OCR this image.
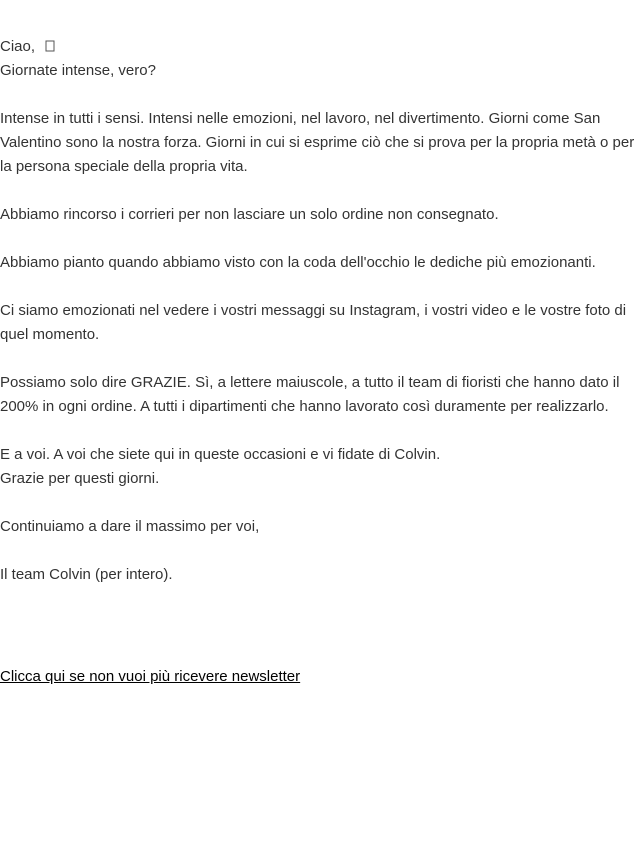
Ciao,

Giornate intense, vero?

Intense in tutti i sensi. Intensi nelle emozioni, nel lavoro, nel divertimento. Giorni come San Valentino sono la nostra forza. Giorni in cui si esprime ciò che si prova per la propria metà o per la persona speciale della propria vita.

Abbiamo rincorso i corrieri per non lasciare un solo ordine non consegnato.

Abbiamo pianto quando abbiamo visto con la coda dell'occhio le dediche più emozionanti.

Ci siamo emozionati nel vedere i vostri messaggi su Instagram, i vostri video e le vostre foto di quel momento.

Possiamo solo dire GRAZIE. Sì, a lettere maiuscole, a tutto il team di fioristi che hanno dato il 200% in ogni ordine. A tutti i dipartimenti che hanno lavorato così duramente per realizzarlo.

E a voi. A voi che siete qui in queste occasioni e vi fidate di Colvin.

Grazie per questi giorni.

Continuiamo a dare il massimo per voi,

Il team Colvin (per intero).

Clicca qui se non vuoi più ricevere newsletter
